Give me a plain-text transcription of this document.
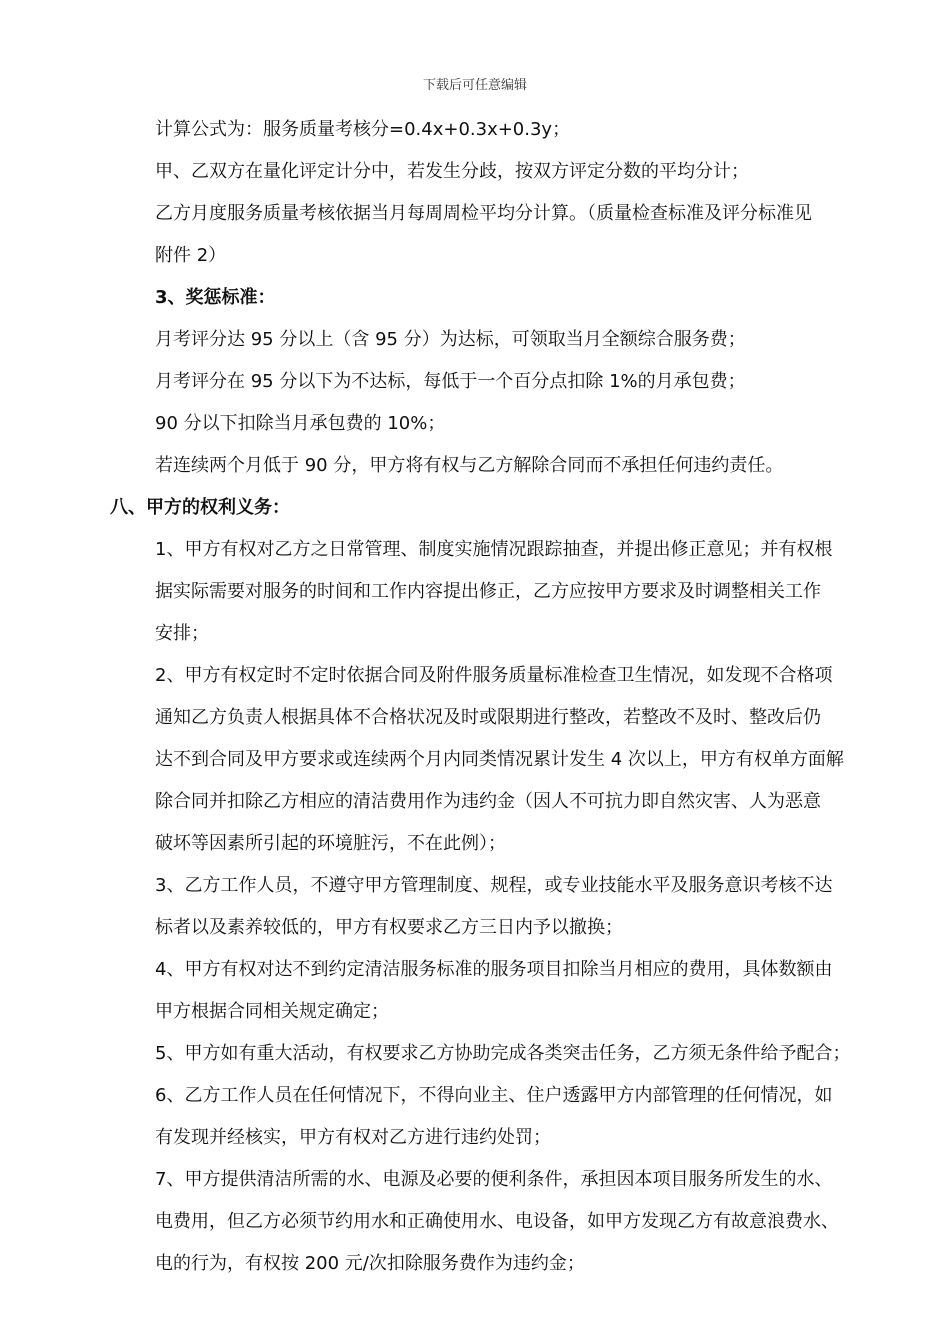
下载后可任意编辑

计算公式为：服务质量考核分=0.4x+0.3x+0.3y；

甲、乙双方在量化评定计分中，若发生分歧，按双方评定分数的平均分计；

乙方月度服务质量考核依据当月每周周检平均分计算。（质量检查标准及评分标准见

附件 2）

3、奖惩标准：

月考评分达 95 分以上（含 95 分）为达标，可领取当月全额综合服务费；

月考评分在 95 分以下为不达标，每低于一个百分点扣除 1%的月承包费；

90 分以下扣除当月承包费的 10%；

若连续两个月低于 90 分，甲方将有权与乙方解除合同而不承担任何违约责任。

八、甲方的权利义务：

1、甲方有权对乙方之日常管理、制度实施情况跟踪抽查，并提出修正意见；并有权根

据实际需要对服务的时间和工作内容提出修正，乙方应按甲方要求及时调整相关工作

安排；

2、甲方有权定时不定时依据合同及附件服务质量标准检查卫生情况，如发现不合格项

通知乙方负责人根据具体不合格状况及时或限期进行整改，若整改不及时、整改后仍

达不到合同及甲方要求或连续两个月内同类情况累计发生 4 次以上，甲方有权单方面解

除合同并扣除乙方相应的清洁费用作为违约金（因人不可抗力即自然灾害、人为恶意

破坏等因素所引起的环境脏污，不在此例）；

3、乙方工作人员，不遵守甲方管理制度、规程，或专业技能水平及服务意识考核不达

标者以及素养较低的，甲方有权要求乙方三日内予以撤换；

4、甲方有权对达不到约定清洁服务标准的服务项目扣除当月相应的费用，具体数额由

甲方根据合同相关规定确定；

5、甲方如有重大活动，有权要求乙方协助完成各类突击任务，乙方须无条件给予配合；

6、乙方工作人员在任何情况下，不得向业主、住户透露甲方内部管理的任何情况，如

有发现并经核实，甲方有权对乙方进行违约处罚；

7、甲方提供清洁所需的水、电源及必要的便利条件，承担因本项目服务所发生的水、

电费用，但乙方必须节约用水和正确使用水、电设备，如甲方发现乙方有故意浪费水、

电的行为，有权按 200 元/次扣除服务费作为违约金；
